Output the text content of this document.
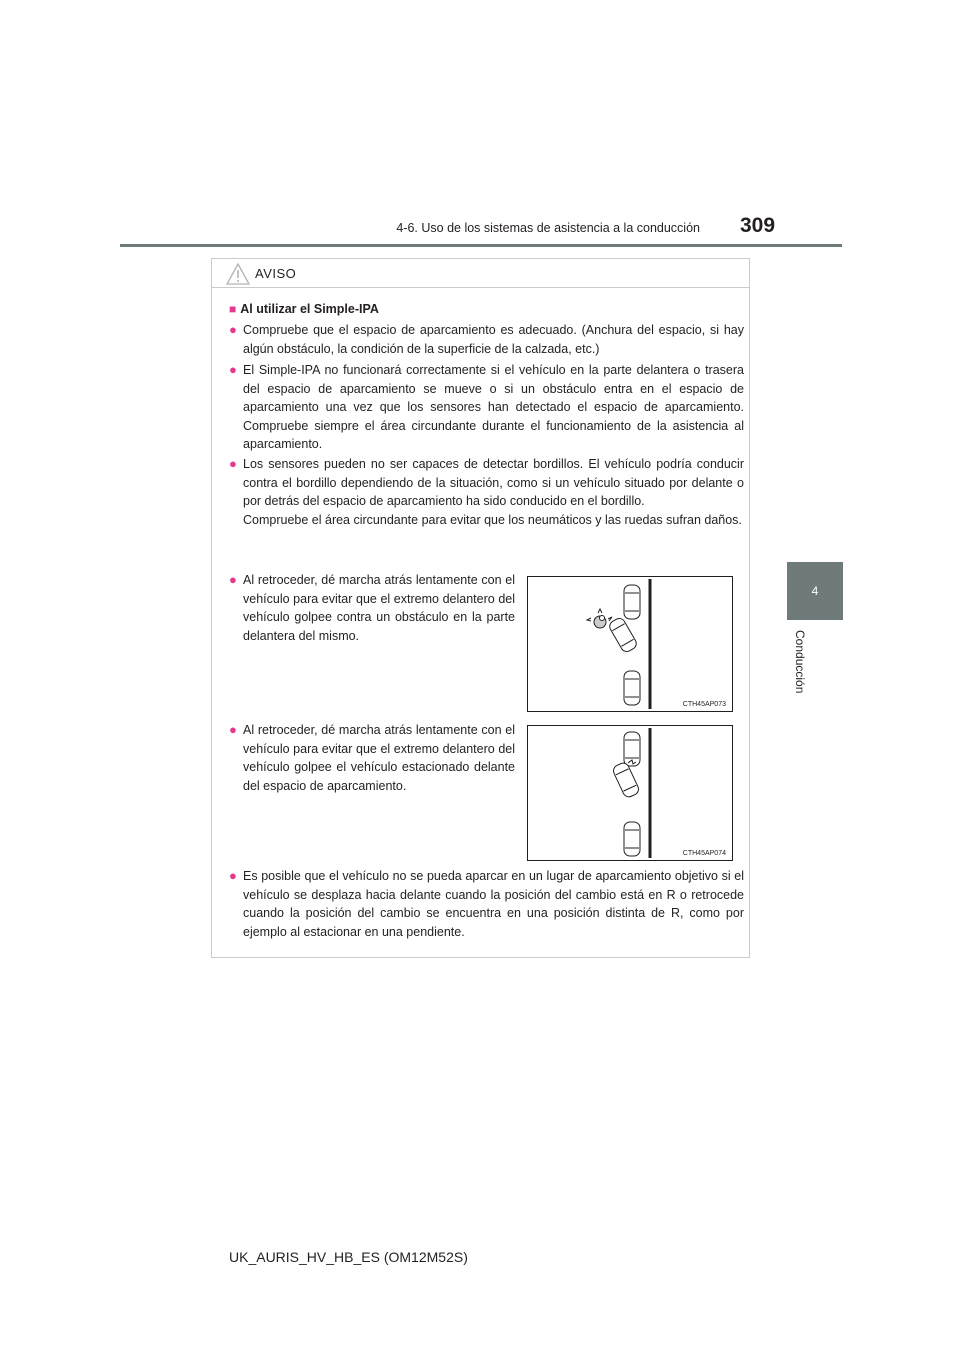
4-6. Uso de los sistemas de asistencia a la conducción 309
4
Conducción
AVISO
■ Al utilizar el Simple-IPA
● Compruebe que el espacio de aparcamiento es adecuado. (Anchura del espacio, si hay algún obstáculo, la condición de la superficie de la calzada, etc.)
● El Simple-IPA no funcionará correctamente si el vehículo en la parte delantera o trasera del espacio de aparcamiento se mueve o si un obstáculo entra en el espacio de aparcamiento una vez que los sensores han detectado el espacio de aparcamiento. Compruebe siempre el área circundante durante el funcionamiento de la asistencia al aparcamiento.
● Los sensores pueden no ser capaces de detectar bordillos. El vehículo podría conducir contra el bordillo dependiendo de la situación, como si un vehículo situado por delante o por detrás del espacio de aparcamiento ha sido conducido en el bordillo.
Compruebe el área circundante para evitar que los neumáticos y las ruedas sufran daños.
● Al retroceder, dé marcha atrás lentamente con el vehículo para evitar que el extremo delantero del vehículo golpee contra un obstáculo en la parte delantera del mismo.
● Al retroceder, dé marcha atrás lentamente con el vehículo para evitar que el extremo delantero del vehículo golpee el vehículo estacionado delante del espacio de aparcamiento.
● Es posible que el vehículo no se pueda aparcar en un lugar de aparcamiento objetivo si el vehículo se desplaza hacia delante cuando la posición del cambio está en R o retrocede cuando la posición del cambio se encuentra en una posición distinta de R, como por ejemplo al estacionar en una pendiente.
CTH45AP073
CTH45AP074
UK_AURIS_HV_HB_ES (OM12M52S)
